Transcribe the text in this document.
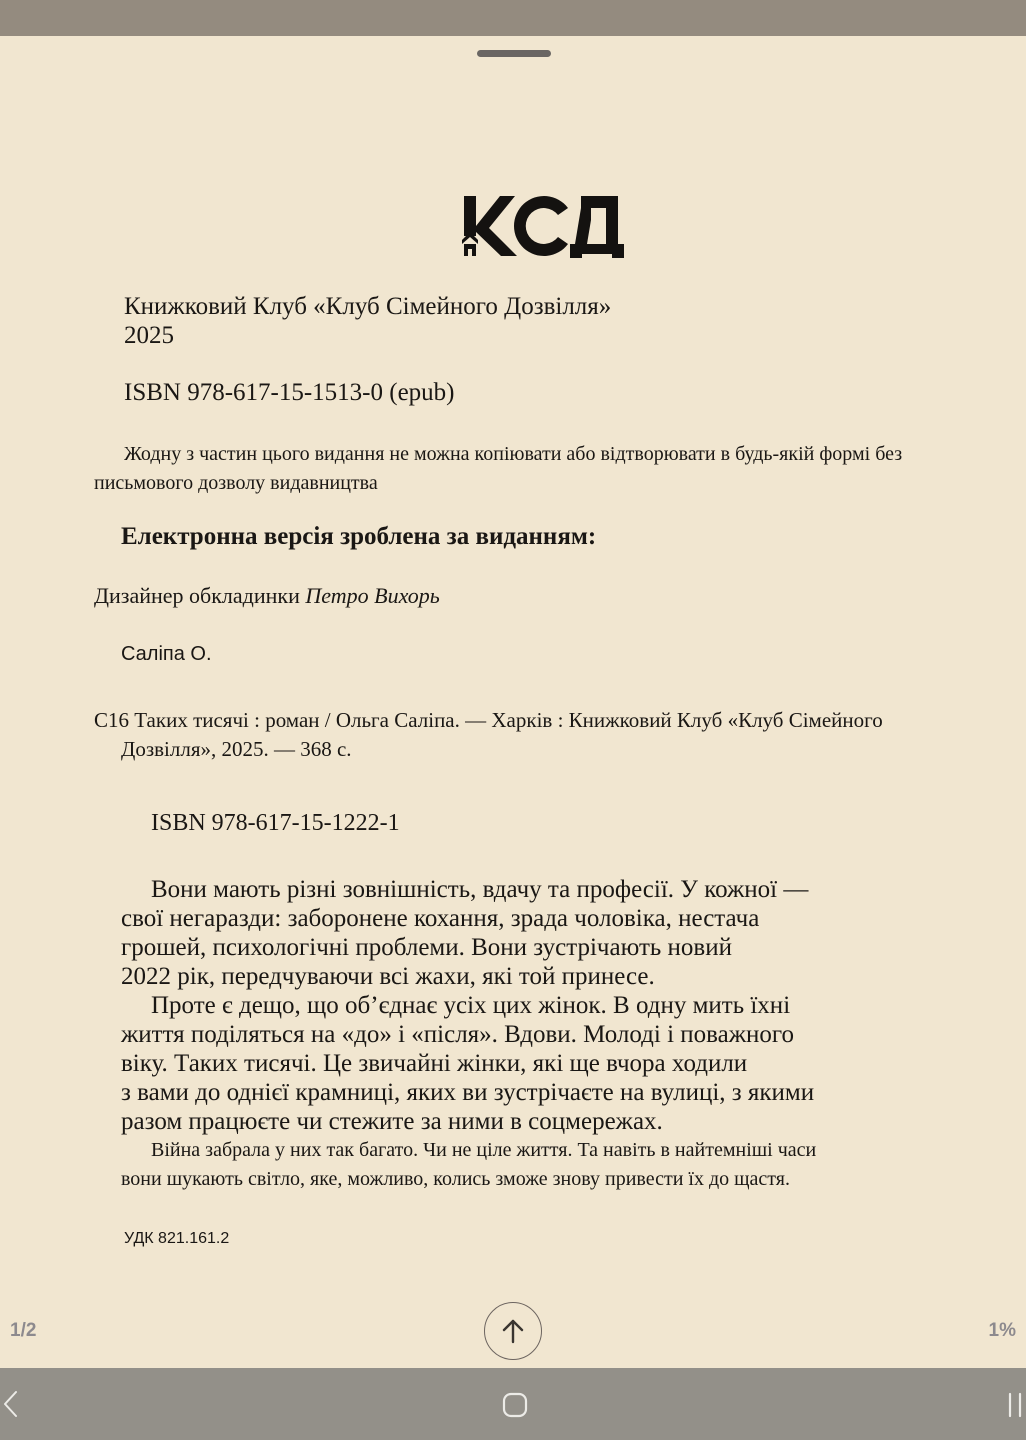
Книжковий Клуб «Клуб Сімейного Дозвілля»
2025

ISBN 978-617-15-1513-0 (epub)

Жодну з частин цього видання не можна копіювати або відтворювати в будь-якій формі без письмового дозволу видавництва

Електронна версія зроблена за виданням:

Дизайнер обкладинки Петро Вихорь

Саліпа О.

С16 Таких тисячі : роман / Ольга Саліпа. — Харків : Книжковий Клуб «Клуб Сімейного Дозвілля», 2025. — 368 с.

ISBN 978-617-15-1222-1

Вони мають різні зовнішність, вдачу та професії. У кожної —

свої негаразди: заборонене кохання, зрада чоловіка, нестача

грошей, психологічні проблеми. Вони зустрічають новий

2022 рік, передчуваючи всі жахи, які той принесе.

Проте є дещо, що об’єднає усіх цих жінок. В одну мить їхні

життя поділяться на «до» і «після». Вдови. Молоді і поважного

віку. Таких тисячі. Це звичайні жінки, які ще вчора ходили

з вами до однієї крамниці, яких ви зустрічаєте на вулиці, з якими

разом працюєте чи стежите за ними в соцмережах.

Війна забрала у них так багато. Чи не ціле життя. Та навіть в найтемніші часи

вони шукають світло, яке, можливо, колись зможе знову привести їх до щастя.

УДК 821.161.2

1/2	1%
